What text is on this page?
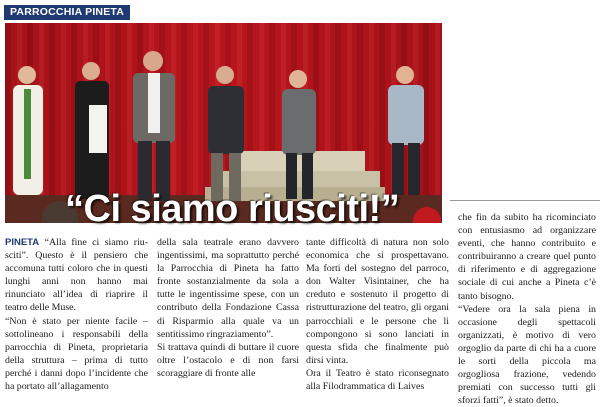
PARROCCHIA PINETA
“Ci siamo riusciti!”

PINETA “Alla fine ci siamo riu-sciti”. Questo è il pensiero che accomuna tutti coloro che in questi lunghi anni non hanno mai rinunciato all’idea di riaprire il teatro delle Muse.

“Non è stato per niente facile – sottolineano i responsabili della parrocchia di Pineta, proprietaria della struttura – prima di tutto perché i danni dopo l’incidente che ha portato all’allagamento

della sala teatrale erano davvero ingentissimi, ma soprattutto perché la Parrocchia di Pineta ha fatto fronte sostanzialmente da sola a tutte le ingentissime spese, con un contributo della Fondazione Cassa di Risparmio alla quale va un sentitissimo ringraziamento”.

Si trattava quindi di buttare il cuore oltre l’ostacolo e di non farsi scoraggiare di fronte alle

tante difficoltà di natura non solo economica che si prospettavano. Ma forti del sostegno del parroco, don Walter Visintainer, che ha creduto e sostenuto il progetto di ristrutturazione del teatro, gli organi parrocchiali e le persone che li compongono si sono lanciati in questa sfida che finalmente può dirsi vinta.

Ora il Teatro è stato riconsegnato alla Filodrammatica di Laives

che fin da subito ha ricominciato con entusiasmo ad organizzare eventi, che hanno contribuito e contribuiranno a creare quel punto di riferimento e di aggregazione sociale di cui anche a Pineta c’è tanto bisogno.

“Vedere ora la sala piena in occasione degli spettacoli organizzati, è motivo di vero orgoglio da parte di chi ha a cuore le sorti della piccola ma orgogliosa frazione, vedendo premiati con successo tutti gli sforzi fatti”, è stato detto.
